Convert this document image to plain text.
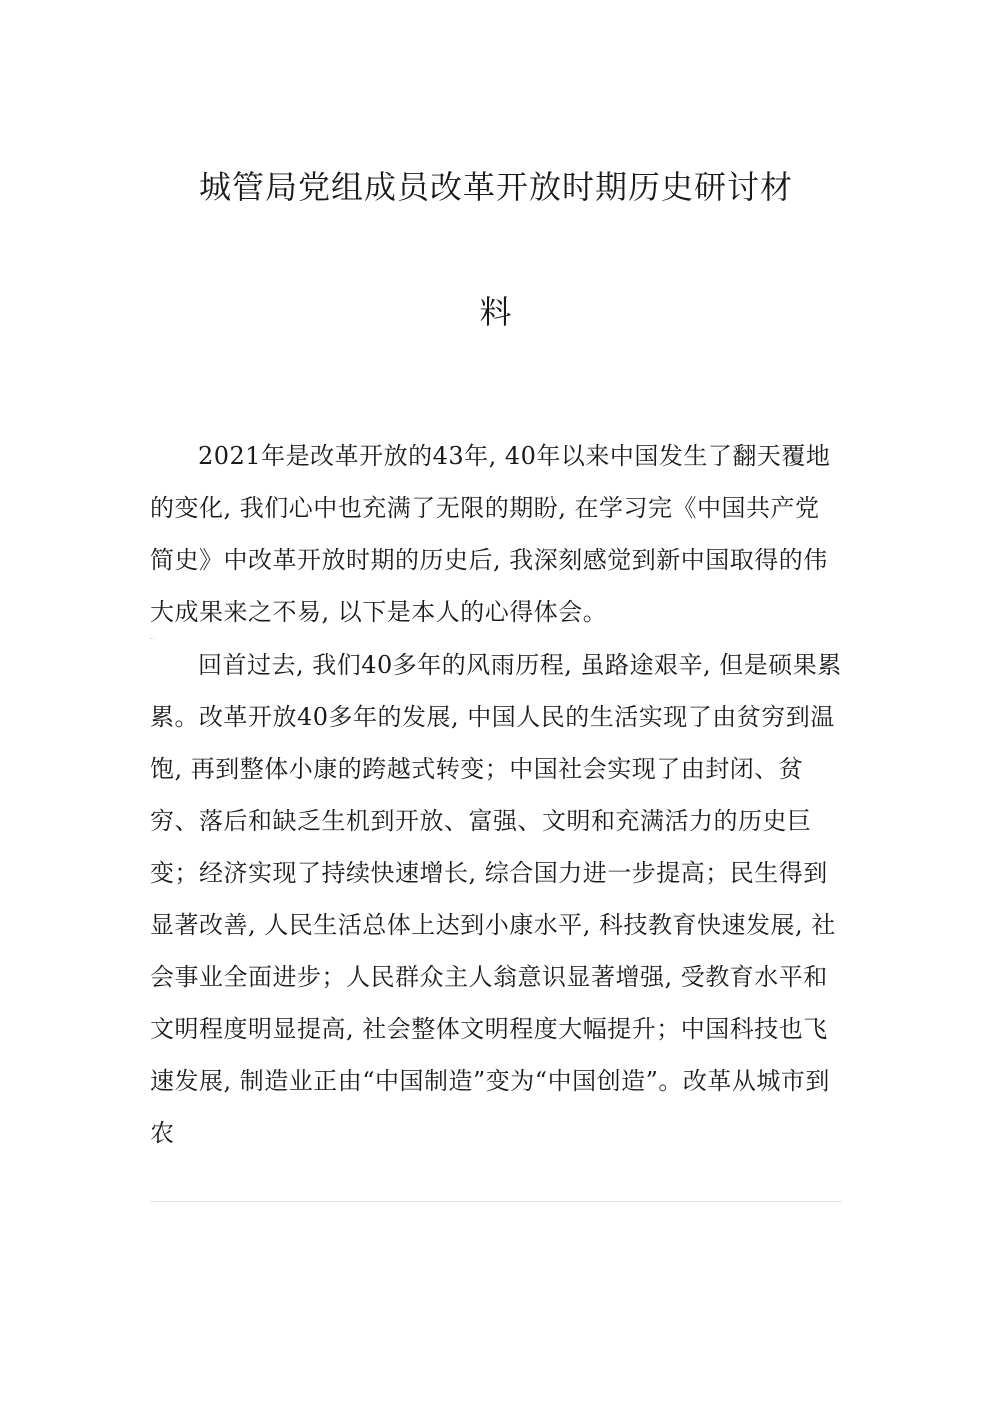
城管局党组成员改革开放时期历史研讨材
料

2021年是改革开放的43年, 40年以来中国发生了翻天覆地的变化, 我们心中也充满了无限的期盼, 在学习完《中国共产党简史》中改革开放时期的历史后, 我深刻感觉到新中国取得的伟大成果来之不易, 以下是本人的心得体会。

回首过去, 我们40多年的风雨历程, 虽路途艰辛, 但是硕果累累。改革开放40多年的发展, 中国人民的生活实现了由贫穷到温饱, 再到整体小康的跨越式转变；中国社会实现了由封闭、贫穷、落后和缺乏生机到开放、富强、文明和充满活力的历史巨变；经济实现了持续快速增长, 综合国力进一步提高；民生得到显著改善, 人民生活总体上达到小康水平, 科技教育快速发展, 社会事业全面进步；人民群众主人翁意识显著增强, 受教育水平和文明程度明显提高, 社会整体文明程度大幅提升；中国科技也飞速发展, 制造业正由“中国制造”变为“中国创造”。改革从城市到农
